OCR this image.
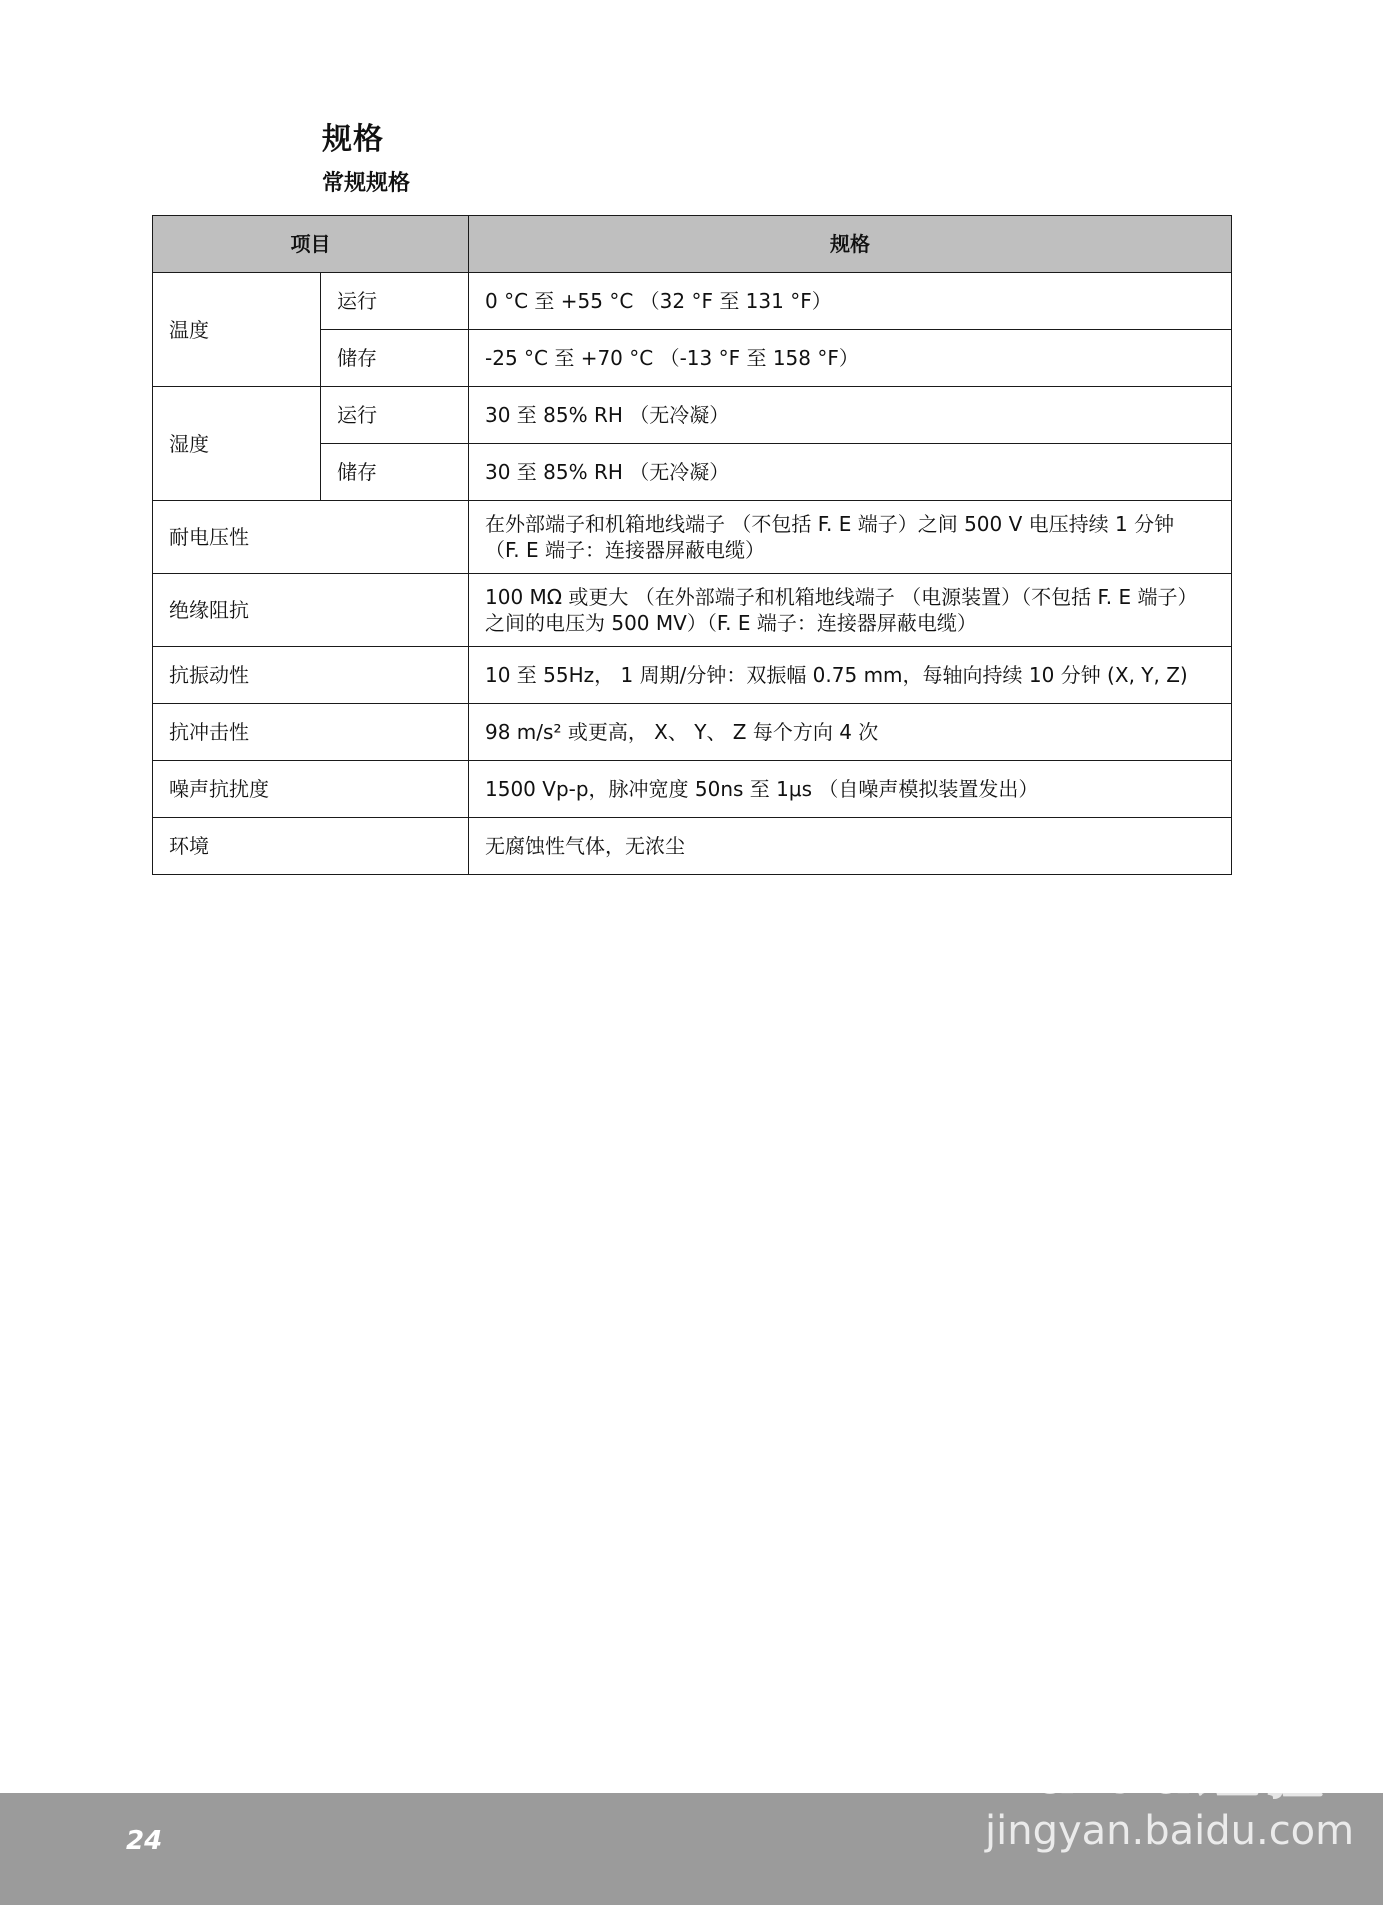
规格
常规规格
项目		规格
温度	运行	0 °C 至 +55 °C （32 °F 至 131 °F）
	储存	-25 °C 至 +70 °C （-13 °F 至 158 °F）
湿度	运行	30 至 85% RH （无冷凝）
	储存	30 至 85% RH （无冷凝）
耐电压性		在外部端子和机箱地线端子 （不包括 F. E 端子）之间 500 V 电压持续 1 分钟 （F. E 端子：连接器屏蔽电缆）
绝缘阻抗		100 MΩ 或更大 （在外部端子和机箱地线端子 （电源装置）（不包括 F. E 端子）之间的电压为 500 MV）（F. E 端子：连接器屏蔽电缆）
抗振动性		10 至 55Hz， 1 周期/分钟：双振幅 0.75 mm，每轴向持续 10 分钟 (X, Y, Z)
抗冲击性		98 m/s² 或更高， X、 Y、 Z 每个方向 4 次
噪声抗扰度		1500 Vp-p，脉冲宽度 50ns 至 1μs （自噪声模拟装置发出）
环境		无腐蚀性气体，无浓尘
24
❀
Baidu经验
jingyan.baidu.com
